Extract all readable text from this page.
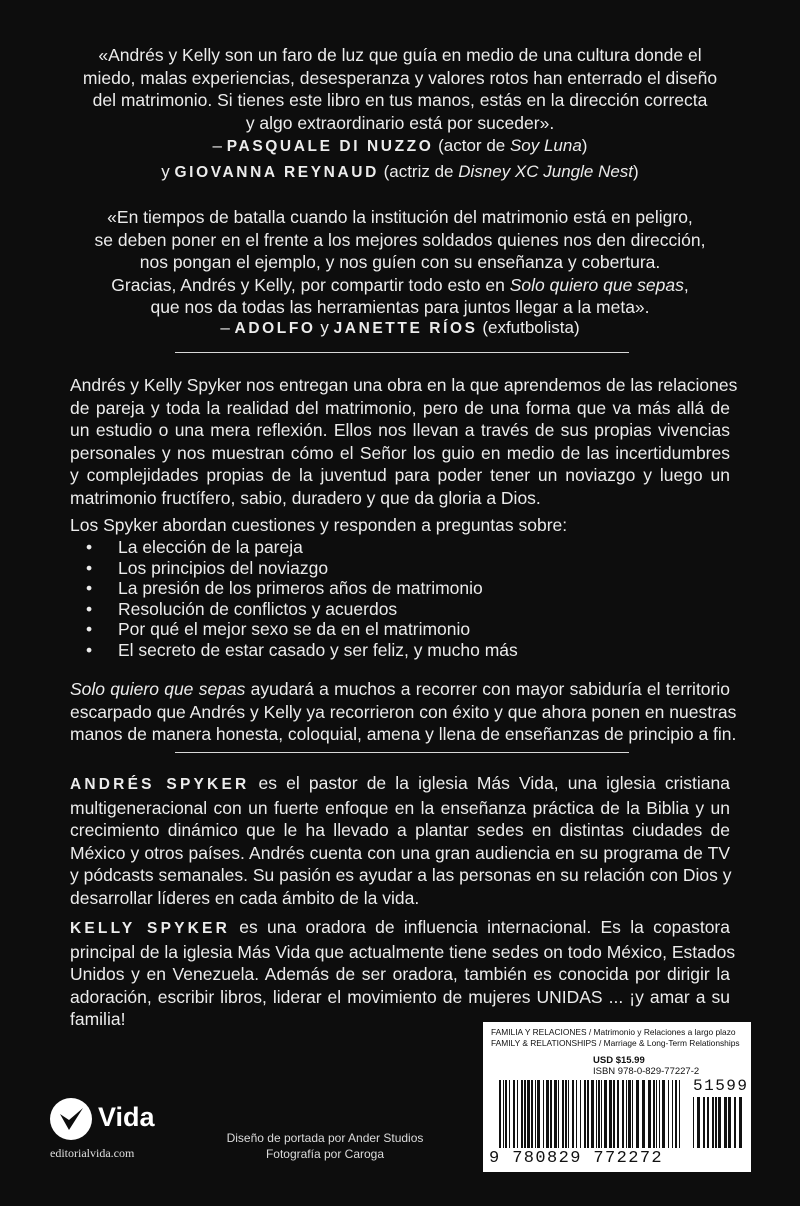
«Andrés y Kelly son un faro de luz que guía en medio de una cultura donde el
miedo, malas experiencias, desesperanza y valores rotos han enterrado el diseño
del matrimonio. Si tienes este libro en tus manos, estás en la dirección correcta
y algo extraordinario está por suceder».
– PASQUALE DI NUZZO (actor de Soy Luna)
y GIOVANNA REYNAUD (actriz de Disney XC Jungle Nest)
«En tiempos de batalla cuando la institución del matrimonio está en peligro,
se deben poner en el frente a los mejores soldados quienes nos den dirección,
nos pongan el ejemplo, y nos guíen con su enseñanza y cobertura.
Gracias, Andrés y Kelly, por compartir todo esto en Solo quiero que sepas,
que nos da todas las herramientas para juntos llegar a la meta».
– ADOLFO y JANETTE RÍOS (exfutbolista)
Andrés y Kelly Spyker nos entregan una obra en la que aprendemos de las relaciones
de pareja y toda la realidad del matrimonio, pero de una forma que va más allá de
un estudio o una mera reflexión. Ellos nos llevan a través de sus propias vivencias
personales y nos muestran cómo el Señor los guio en medio de las incertidumbres
y complejidades propias de la juventud para poder tener un noviazgo y luego un
matrimonio fructífero, sabio, duradero y que da gloria a Dios.
Los Spyker abordan cuestiones y responden a preguntas sobre:
• La elección de la pareja
• Los principios del noviazgo
• La presión de los primeros años de matrimonio
• Resolución de conflictos y acuerdos
• Por qué el mejor sexo se da en el matrimonio
• El secreto de estar casado y ser feliz, y mucho más
Solo quiero que sepas ayudará a muchos a recorrer con mayor sabiduría el territorio
escarpado que Andrés y Kelly ya recorrieron con éxito y que ahora ponen en nuestras
manos de manera honesta, coloquial, amena y llena de enseñanzas de principio a fin.
ANDRÉS SPYKER es el pastor de la iglesia Más Vida, una iglesia cristiana
multigeneracional con un fuerte enfoque en la enseñanza práctica de la Biblia y un
crecimiento dinámico que le ha llevado a plantar sedes en distintas ciudades de
México y otros países. Andrés cuenta con una gran audiencia en su programa de TV
y pódcasts semanales. Su pasión es ayudar a las personas en su relación con Dios y
desarrollar líderes en cada ámbito de la vida.
KELLY SPYKER es una oradora de influencia internacional. Es la copastora
principal de la iglesia Más Vida que actualmente tiene sedes on todo México, Estados
Unidos y en Venezuela. Además de ser oradora, también es conocida por dirigir la
adoración, escribir libros, liderar el movimiento de mujeres UNIDAS ... ¡y amar a su
familia!
Vida
editorialvida.com
Diseño de portada por Ander Studios
Fotografía por Caroga
FAMILIA Y RELACIONES / Matrimonio y Relaciones a largo plazo
FAMILY & RELATIONSHIPS / Marriage & Long-Term Relationships
USD $15.99
ISBN 978-0-829-77227-2
51599
9 780829 772272
